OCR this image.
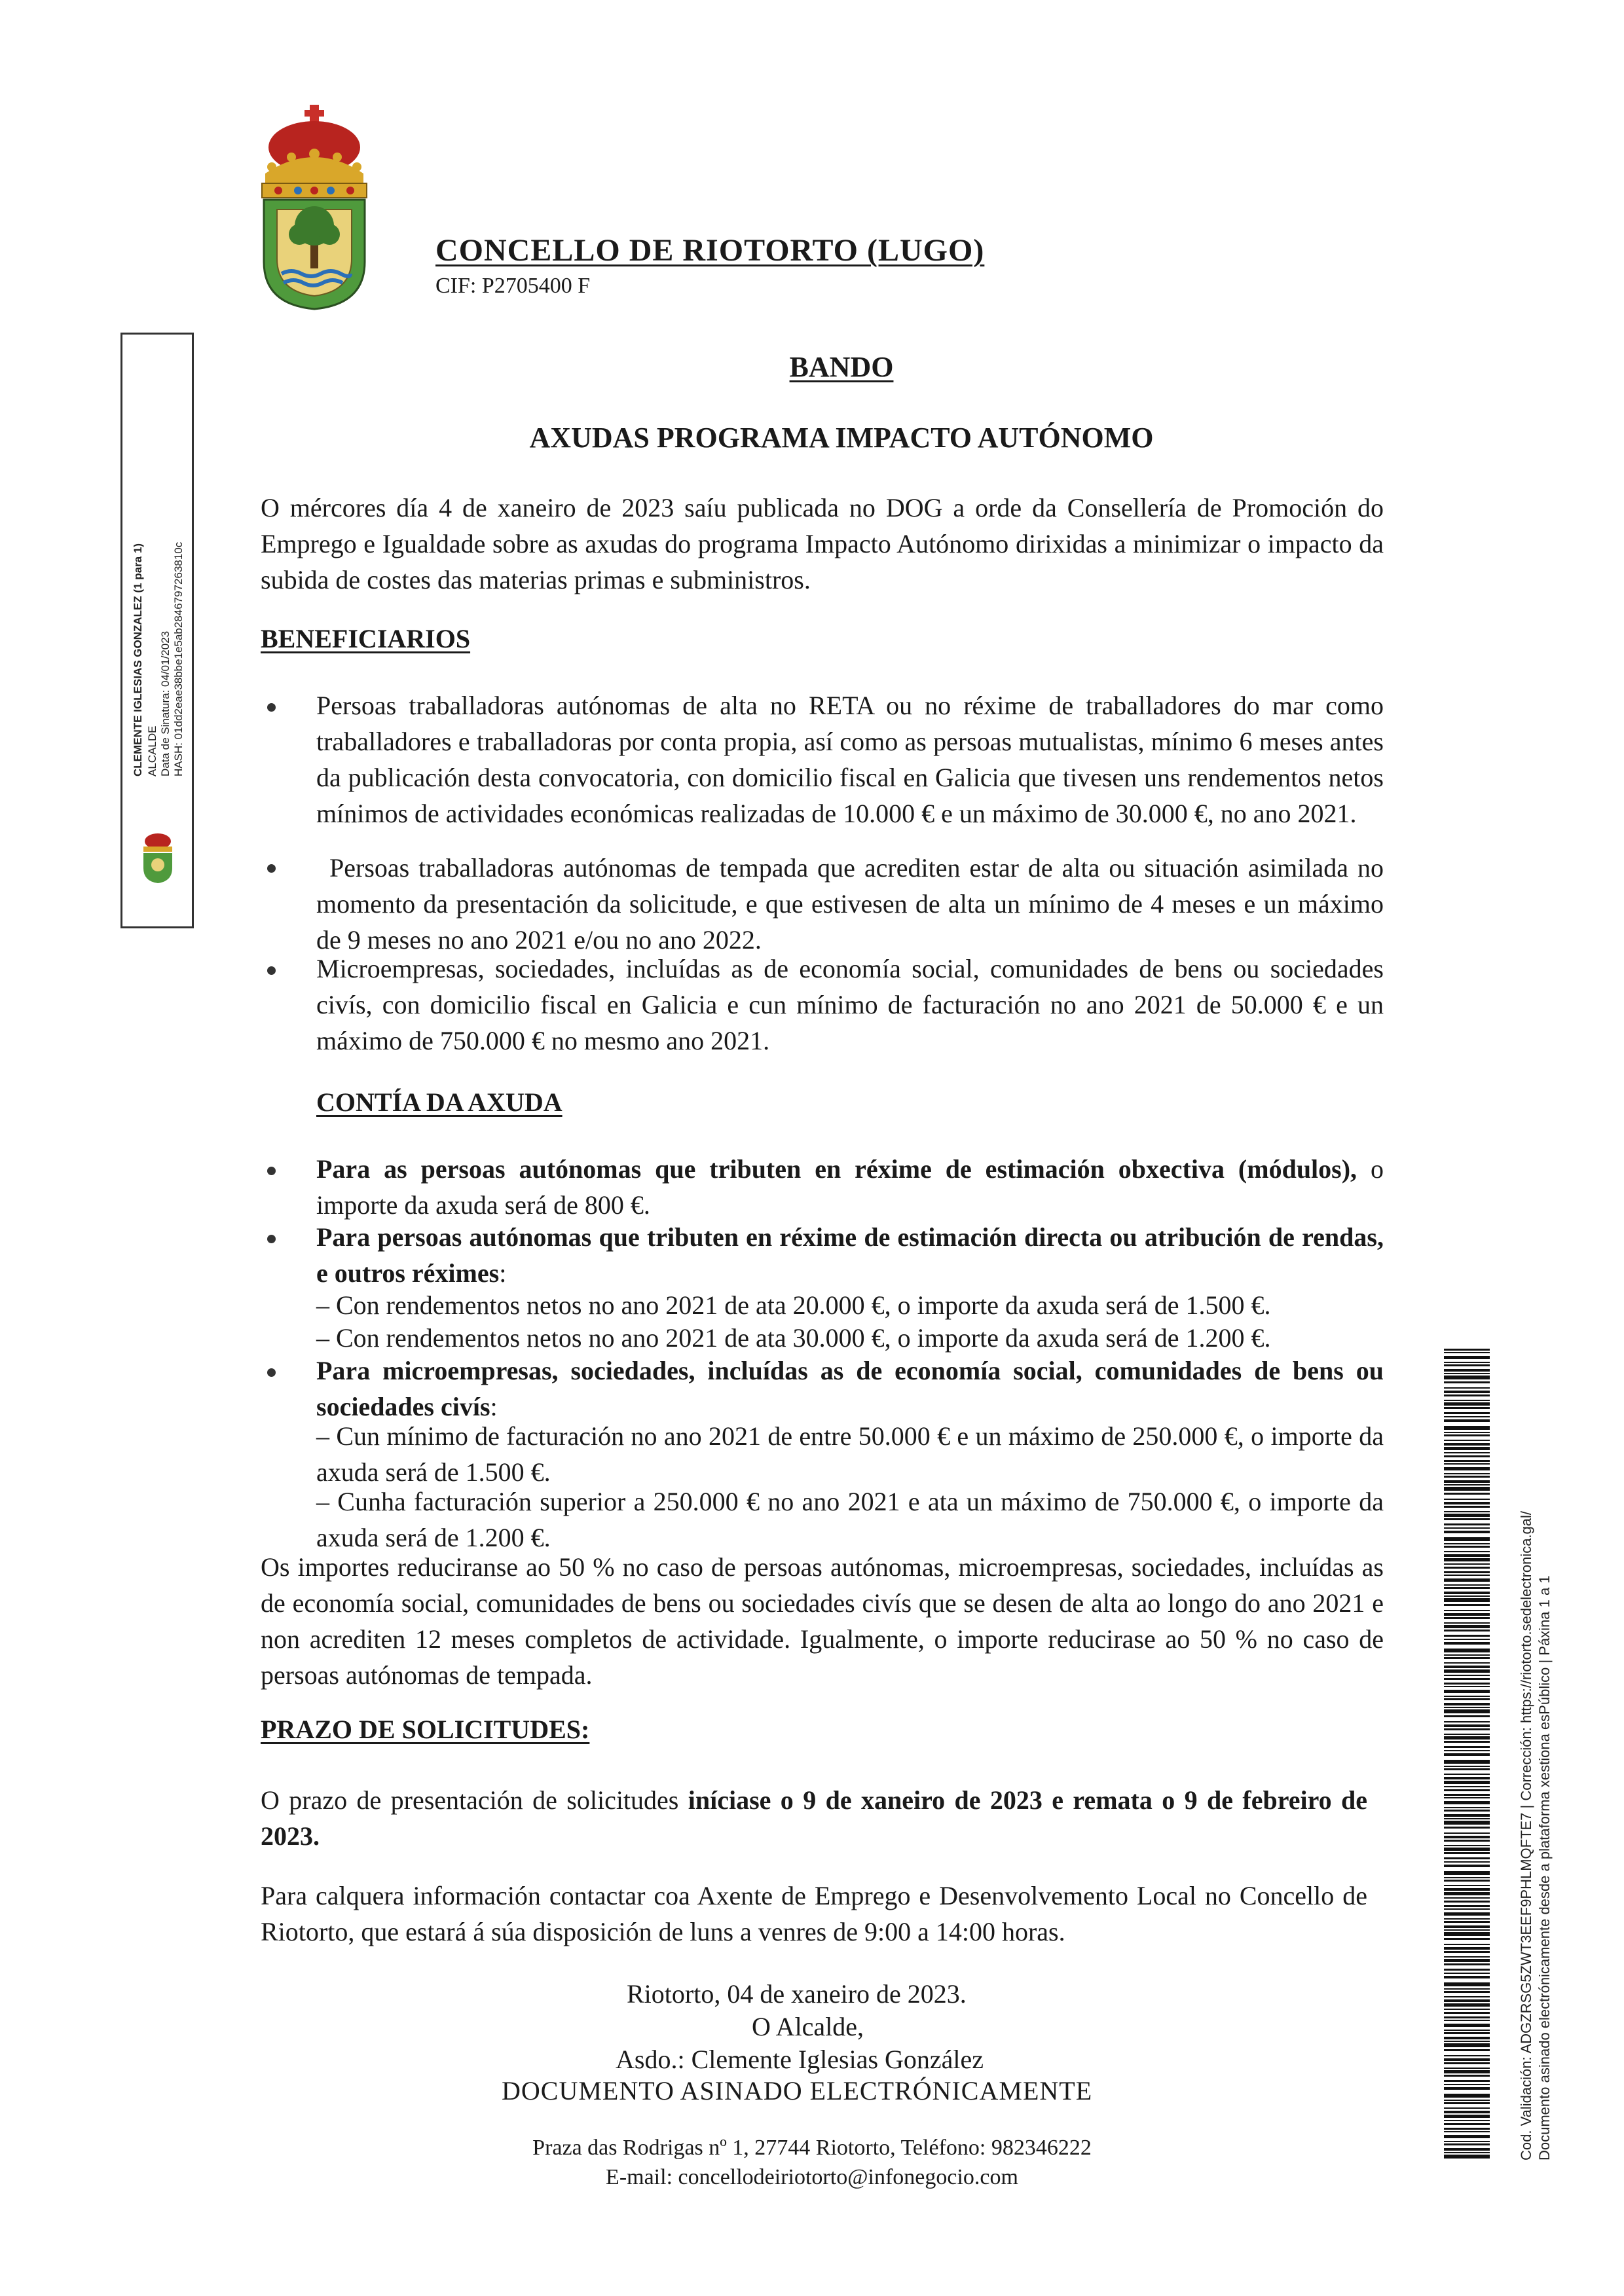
CONCELLO DE RIOTORTO (LUGO)
CIF: P2705400 F
CLEMENTE IGLESIAS GONZALEZ (1 para 1) ALCALDE Data de Sinatura: 04/01/2023 HASH: 01dd2eae38bbe1e5ab2846797263810c
BANDO
AXUDAS PROGRAMA IMPACTO AUTÓNOMO
O mércores día 4 de xaneiro de 2023 saíu publicada no DOG a orde da Consellería de Promoción do Emprego e Igualdade sobre as axudas do programa Impacto Autónomo dirixidas a minimizar o impacto da subida de costes das materias primas e subministros.
BENEFICIARIOS
Persoas traballadoras autónomas de alta no RETA ou no réxime de traballadores do mar como traballadores e traballadoras por conta propia, así como as persoas mutualistas, mínimo 6 meses antes da publicación desta convocatoria, con domicilio fiscal en Galicia que tivesen uns rendementos netos mínimos de actividades económicas realizadas de 10.000 € e un máximo de 30.000 €, no ano 2021.
Persoas traballadoras autónomas de tempada que acrediten estar de alta ou situación asimilada no momento da presentación da solicitude, e que estivesen de alta un mínimo de 4 meses e un máximo de 9 meses no ano 2021 e/ou no ano 2022.
Microempresas, sociedades, incluídas as de economía social, comunidades de bens ou sociedades civís, con domicilio fiscal en Galicia e cun mínimo de facturación no ano 2021 de 50.000 € e un máximo de 750.000 € no mesmo ano 2021.
CONTÍA DA AXUDA
Para as persoas autónomas que tributen en réxime de estimación obxectiva (módulos), o importe da axuda será de 800 €.
Para persoas autónomas que tributen en réxime de estimación directa ou atribución de rendas, e outros réximes:
– Con rendementos netos no ano 2021 de ata 20.000 €, o importe da axuda será de 1.500 €.
– Con rendementos netos no ano 2021 de ata 30.000 €, o importe da axuda será de 1.200 €.
Para microempresas, sociedades, incluídas as de economía social, comunidades de bens ou sociedades civís:
– Cun mínimo de facturación no ano 2021 de entre 50.000 € e un máximo de 250.000 €, o importe da axuda será de 1.500 €.
– Cunha facturación superior a 250.000 € no ano 2021 e ata un máximo de 750.000 €, o importe da axuda será de 1.200 €.
Os importes reduciranse ao 50 % no caso de persoas autónomas, microempresas, sociedades, incluídas as de economía social, comunidades de bens ou sociedades civís que se desen de alta ao longo do ano 2021 e non acrediten 12 meses completos de actividade. Igualmente, o importe reducirase ao 50 % no caso de persoas autónomas de tempada.
PRAZO DE SOLICITUDES:
O prazo de presentación de solicitudes iníciase o 9 de xaneiro de 2023 e remata o 9 de febreiro de 2023.
Para calquera información contactar coa Axente de Emprego e Desenvolvemento Local no Concello de Riotorto, que estará á súa disposición de luns a venres de 9:00 a 14:00 horas.
Riotorto, 04 de xaneiro de 2023.
O Alcalde,
Asdo.: Clemente Iglesias González
DOCUMENTO ASINADO ELECTRÓNICAMENTE
Praza das Rodrigas nº 1, 27744 Riotorto, Teléfono: 982346222
E-mail: concellodeiriotorto@infonegocio.com
Cod. Validación: ADGZRSG5ZWT3EEF9PHLMQFTE7 | Corrección: https://riotorto.sedelectronica.gal/ Documento asinado electrónicamente desde a plataforma xestiona esPúblico | Páxina 1 a 1
